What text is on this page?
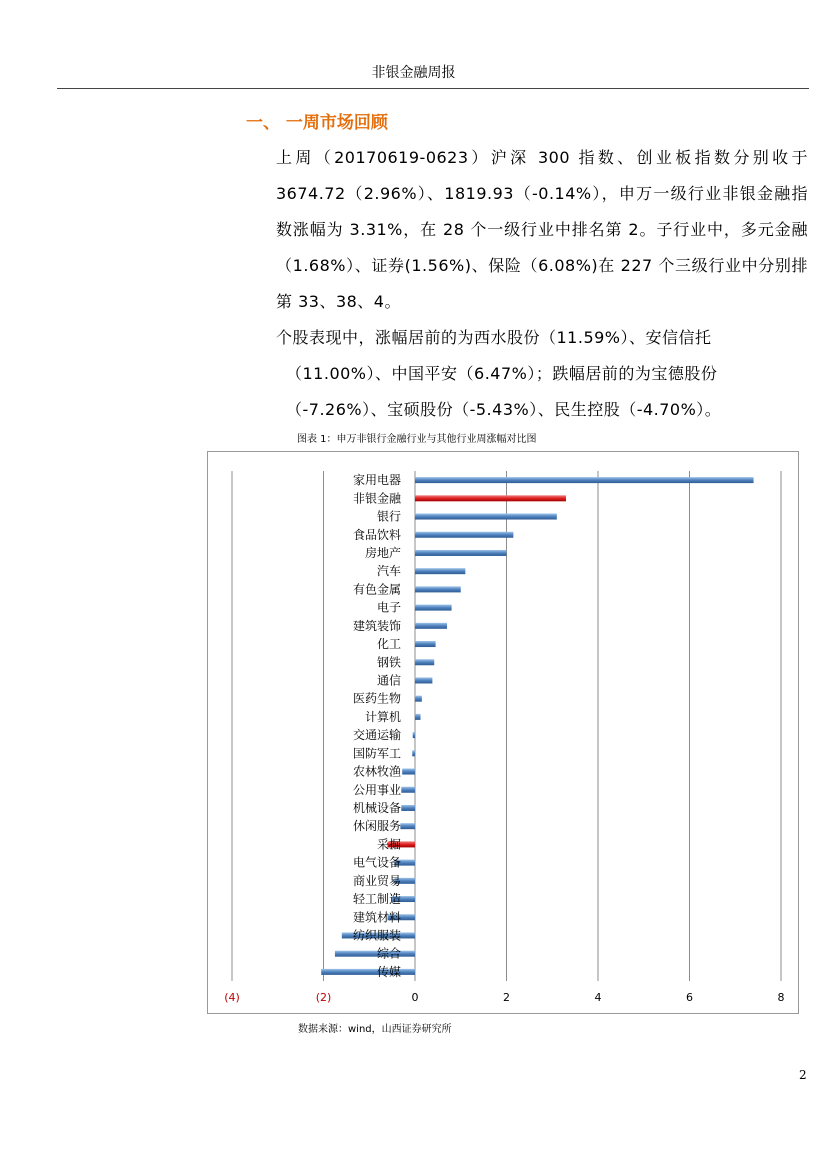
非银金融周报
一、 一周市场回顾

上周（20170619-0623）沪深 300 指数、创业板指数分别收于 3674.72（2.96%）、1819.93（-0.14%），申万一级行业非银金融指数涨幅为 3.31%，在 28 个一级行业中排名第 2。子行业中，多元金融（1.68%）、证券(1.56%)、保险（6.08%)在 227 个三级行业中分别排第 33、38、4。

个股表现中，涨幅居前的为西水股份（11.59%）、安信信托

（11.00%）、中国平安（6.47%）；跌幅居前的为宝德股份

（-7.26%）、宝硕股份（-5.43%）、民生控股（-4.70%）。

图表 1：申万非银行金融行业与其他行业周涨幅对比图
家用电器
非银金融
银行
食品饮料
房地产
汽车
有色金属
电子
建筑装饰
化工
钢铁
通信
医药生物
计算机
交通运输
国防军工
农林牧渔
公用事业
机械设备
休闲服务
采掘
电气设备
商业贸易
轻工制造
建筑材料
纺织服装
综合
传媒
(4)	(2)	0	2	4	6	8
数据来源：wind，山西证券研究所
2
